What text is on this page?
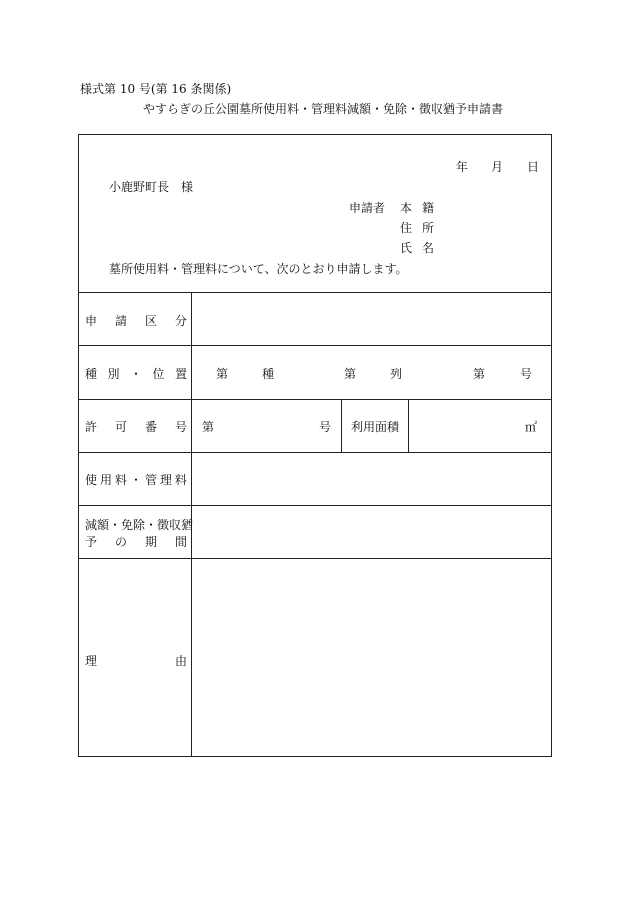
様式第 10 号(第 16 条関係)
やすらぎの丘公園墓所使用料・管理料減額・免除・徴収猶予申請書
年 月 日
小鹿野町長　様
申請者 本 籍
住 所
氏 名
墓所使用料・管理料について、次のとおり申請します。
申 請 区 分
種 別 ・ 位 置 第	種	第	列	第	号
許 可 番 号 第	号 利用面積	㎡
使 用 料 ・ 管 理 料
減額・免除・徴収猶
予 の 期 間
理	由
